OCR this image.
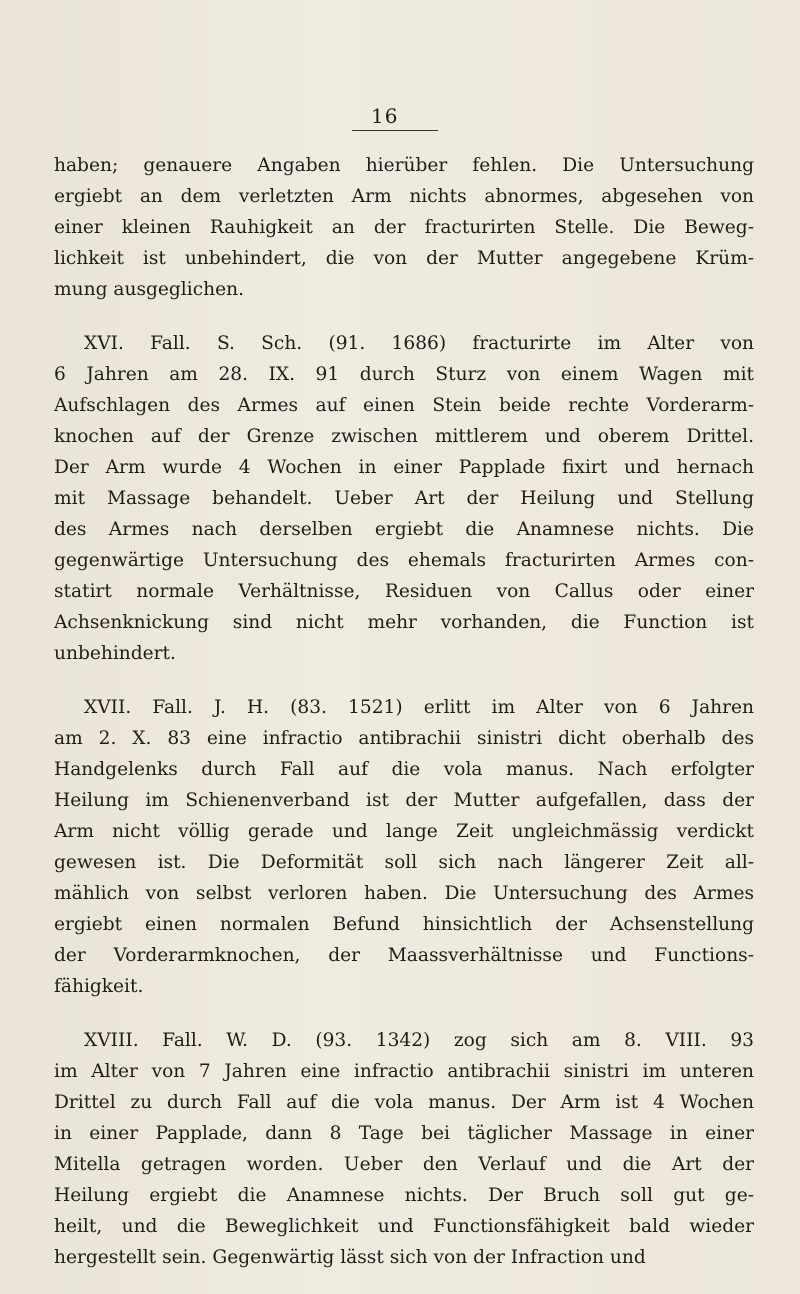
16
haben; genauere Angaben hierüber fehlen. Die Untersuchung
ergiebt an dem verletzten Arm nichts abnormes, abgesehen von
einer kleinen Rauhigkeit an der fracturirten Stelle. Die Beweg-
lichkeit ist unbehindert, die von der Mutter angegebene Krüm-
mung ausgeglichen.
XVI. Fall. S. Sch. (91. 1686) fracturirte im Alter von
6 Jahren am 28. IX. 91 durch Sturz von einem Wagen mit
Aufschlagen des Armes auf einen Stein beide rechte Vorderarm-
knochen auf der Grenze zwischen mittlerem und oberem Drittel.
Der Arm wurde 4 Wochen in einer Papplade fixirt und hernach
mit Massage behandelt. Ueber Art der Heilung und Stellung
des Armes nach derselben ergiebt die Anamnese nichts. Die
gegenwärtige Untersuchung des ehemals fracturirten Armes con-
statirt normale Verhältnisse, Residuen von Callus oder einer
Achsenknickung sind nicht mehr vorhanden, die Function ist
unbehindert.
XVII. Fall. J. H. (83. 1521) erlitt im Alter von 6 Jahren
am 2. X. 83 eine infractio antibrachii sinistri dicht oberhalb des
Handgelenks durch Fall auf die vola manus. Nach erfolgter
Heilung im Schienenverband ist der Mutter aufgefallen, dass der
Arm nicht völlig gerade und lange Zeit ungleichmässig verdickt
gewesen ist. Die Deformität soll sich nach längerer Zeit all-
mählich von selbst verloren haben. Die Untersuchung des Armes
ergiebt einen normalen Befund hinsichtlich der Achsenstellung
der Vorderarmknochen, der Maassverhältnisse und Functions-
fähigkeit.
XVIII. Fall. W. D. (93. 1342) zog sich am 8. VIII. 93
im Alter von 7 Jahren eine infractio antibrachii sinistri im unteren
Drittel zu durch Fall auf die vola manus. Der Arm ist 4 Wochen
in einer Papplade, dann 8 Tage bei täglicher Massage in einer
Mitella getragen worden. Ueber den Verlauf und die Art der
Heilung ergiebt die Anamnese nichts. Der Bruch soll gut ge-
heilt, und die Beweglichkeit und Functionsfähigkeit bald wieder
hergestellt sein. Gegenwärtig lässt sich von der Infraction und
